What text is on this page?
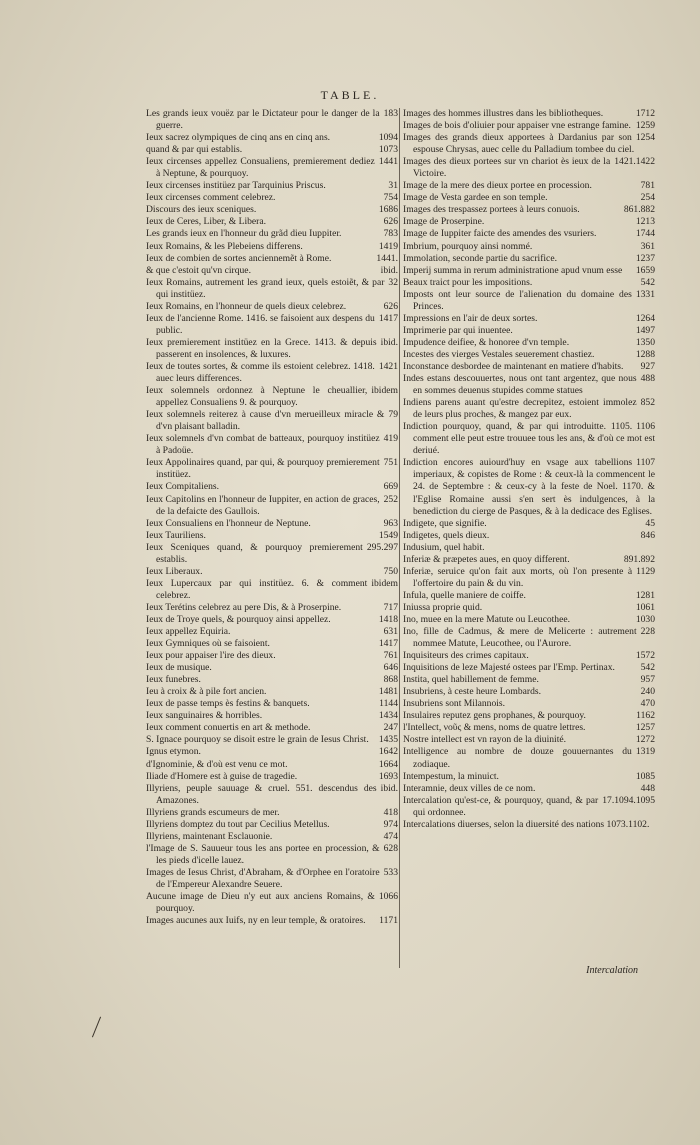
TABLE.
183
Les grands ieux vouëz par le Dictateur pour le danger de la guerre.
1094
Ieux sacrez olympiques de cinq ans en cinq ans.
1073
quand & par qui establis.
1441
Ieux circenses appellez Consualiens, premierement dediez à Neptune, & pourquoy.
31
Ieux circenses institüez par Tarquinius Priscus.
754
Ieux circenses comment celebrez.
1686
Discours des ieux sceniques.
626
Ieux de Ceres, Liber, & Libera.
783
Les grands ieux en l'honneur du grãd dieu Iuppiter.
1419
Ieux Romains, & les Plebeiens differens.
1441.
Ieux de combien de sortes anciennemẽt à Rome.
ibid.
& que c'estoit qu'vn cirque.
32
Ieux Romains, autrement les grand ieux, quels estoiẽt, & par qui institüez.
626
Ieux Romains, en l'honneur de quels dieux celebrez.
1417
Ieux de l'ancienne Rome. 1416. se faisoient aux despens du public.
ibid.
Ieux premierement institüez en la Grece. 1413. & depuis passerent en insolences, & luxures.
1421
Ieux de toutes sortes, & comme ils estoient celebrez. 1418. auec leurs differences.
ibidem
Ieux solemnels ordonnez à Neptune le cheuallier, appellez Consualiens 9. & pourquoy.
79
Ieux solemnels reiterez à cause d'vn merueilleux miracle & d'vn plaisant balladin.
419
Ieux solemnels d'vn combat de batteaux, pourquoy institüez à Padoüe.
751
Ieux Appolinaires quand, par qui, & pourquoy premierement institüez.
669
Ieux Compitaliens.
252
Ieux Capitolins en l'honneur de Iuppiter, en action de graces, de la defaicte des Gaullois.
963
Ieux Consualiens en l'honneur de Neptune.
1549
Ieux Tauriliens.
295.297
Ieux Sceniques quand, & pourquoy premierement establis.
750
Ieux Liberaux.
ibidem
Ieux Lupercaux par qui institüez. 6. & comment celebrez.
717
Ieux Terétins celebrez au pere Dis, & à Proserpine.
1418
Ieux de Troye quels, & pourquoy ainsi appellez.
631
Ieux appellez Equiria.
1417
Ieux Gymniques où se faisoient.
761
Ieux pour appaiser l'ire des dieux.
646
Ieux de musique.
868
Ieux funebres.
1481
Ieu à croix & à pile fort ancien.
1144
Ieux de passe temps ès festins & banquets.
1434
Ieux sanguinaires & horribles.
247
Ieux comment conuertis en art & methode.
1435
S. Ignace pourquoy se disoit estre le grain de Iesus Christ.
1642
Ignus etymon.
1664
d'Ignominie, & d'où est venu ce mot.
1693
Iliade d'Homere est à guise de tragedie.
ibid.
Illyriens, peuple sauuage & cruel. 551. descendus des Amazones.
418
Illyriens grands escumeurs de mer.
974
Illyriens domptez du tout par Cecilius Metellus.
474
Illyriens, maintenant Esclauonie.
628
l'Image de S. Sauueur tous les ans portee en procession, & les pieds d'icelle lauez.
533
Images de Iesus Christ, d'Abraham, & d'Orphee en l'oratoire de l'Empereur Alexandre Seuere.
1066
Aucune image de Dieu n'y eut aux anciens Romains, & pourquoy.
1171
Images aucunes aux Iuifs, ny en leur temple, & oratoires.
1712
Images des hommes illustres dans les bibliotheques.
1259
Images de bois d'oliuier pour appaiser vne estrange famine.
1254
Images des grands dieux apportees à Dardanius par son espouse Chrysas, auec celle du Palladium tombee du ciel.
1421.1422
Images des dieux portees sur vn chariot ès ieux de la Victoire.
781
Image de la mere des dieux portee en procession.
254
Image de Vesta gardee en son temple.
861.882
Images des trespassez portees à leurs conuois.
1213
Image de Proserpine.
1744
Image de Iuppiter faicte des amendes des vsuriers.
361
Imbrium, pourquoy ainsi nommé.
1237
Immolation, seconde partie du sacrifice.
1659
Imperij summa in rerum administratione apud vnum esse
542
Beaux traict pour les impositions.
1331
Imposts ont leur source de l'alienation du domaine des Princes.
1264
Impressions en l'air de deux sortes.
1497
Imprimerie par qui inuentee.
1350
Impudence deifiee, & honoree d'vn temple.
1288
Incestes des vierges Vestales seuerement chastiez.
927
Inconstance desbordee de maintenant en matiere d'habits.
488
Indes estans descouuertes, nous ont tant argentez, que nous en sommes deuenus stupides comme statues
852
Indiens parens auant qu'estre decrepitez, estoient immolez de leurs plus proches, & mangez par eux.
1106
Indiction pourquoy, quand, & par qui introduitte. 1105. comment elle peut estre trouuee tous les ans, & d'où ce mot est deriué.
1107
Indiction encores auiourd'huy en vsage aux tabellions imperiaux, & copistes de Rome : & ceux-là la commencent le 24. de Septembre : & ceux-cy à la feste de Noel. 1170. & l'Eglise Romaine aussi s'en sert ès indulgences, à la benediction du cierge de Pasques, & à la dedicace des Eglises.
45
Indigete, que signifie.
846
Indigetes, quels dieux.
Indusium, quel habit.
891.892
Inferiæ & præpetes aues, en quoy different.
1129
Inferiæ, seruice qu'on fait aux morts, où l'on presente à l'offertoire du pain & du vin.
1281
Infula, quelle maniere de coiffe.
1061
Iniussa proprie quid.
1030
Ino, muee en la mere Matute ou Leucothee.
228
Ino, fille de Cadmus, & mere de Melicerte : autrement nommee Matute, Leucothee, ou l'Aurore.
1572
Inquisiteurs des crimes capitaux.
542
Inquisitions de leze Majesté ostees par l'Emp. Pertinax.
957
Instita, quel habillement de femme.
240
Insubriens, à ceste heure Lombards.
470
Insubriens sont Milannois.
1162
Insulaires reputez gens prophanes, & pourquoy.
1257
l'Intellect, νοῦς & mens, noms de quatre lettres.
1272
Nostre intellect est vn rayon de la diuinité.
1319
Intelligence au nombre de douze gouuernantes du zodiaque.
1085
Intempestum, la minuict.
448
Interamnie, deux villes de ce nom.
17.1094.1095
Intercalation qu'est-ce, & pourquoy, quand, & par qui ordonnee.
Intercalations diuerses, selon la diuersité des nations 1073.1102.
Intercalation
